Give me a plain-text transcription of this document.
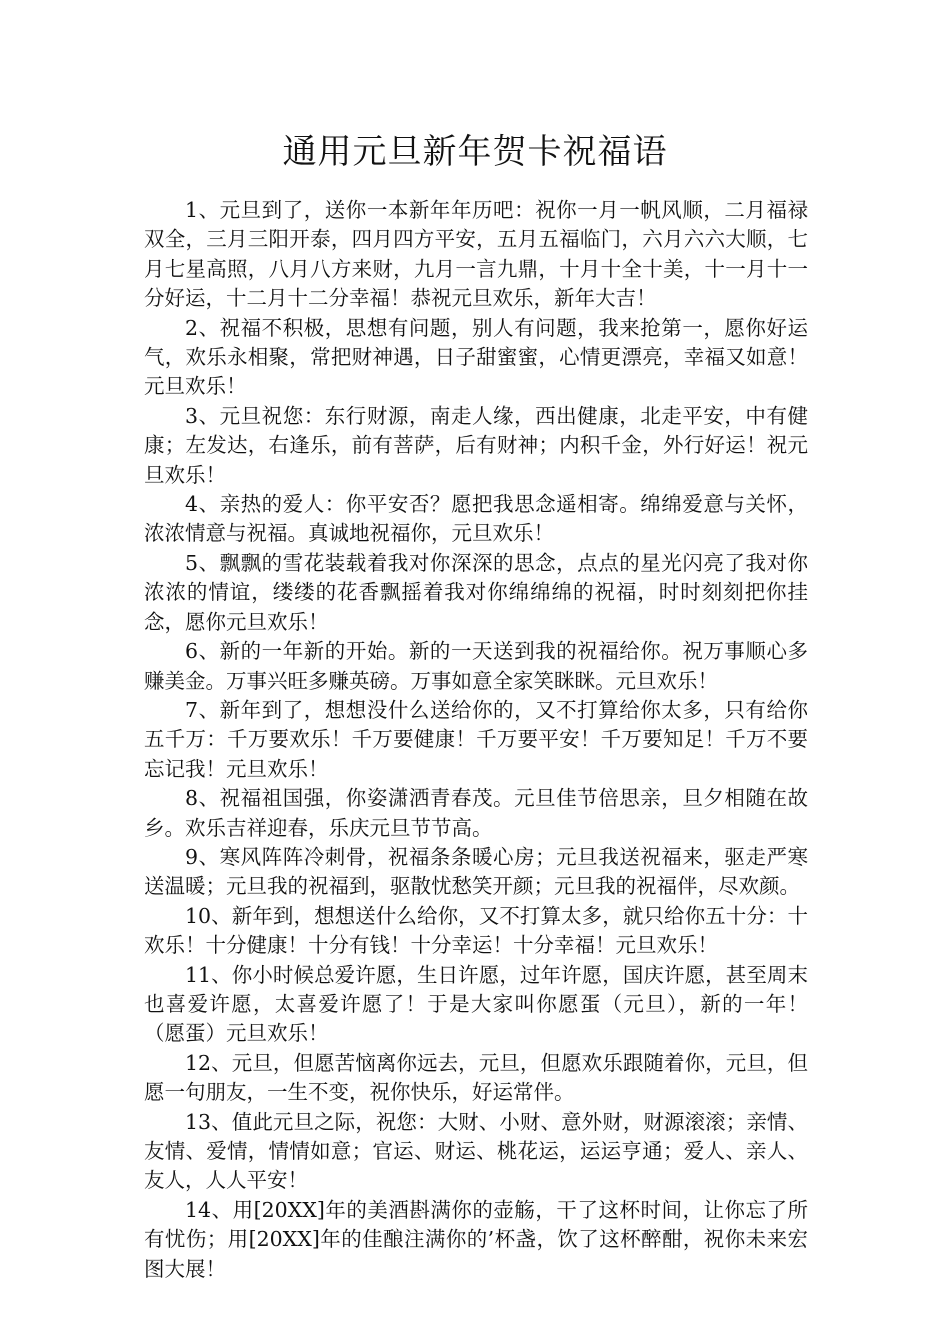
通用元旦新年贺卡祝福语

1、元旦到了，送你一本新年年历吧：祝你一月一帆风顺，二月福禄双全，三月三阳开泰，四月四方平安，五月五福临门，六月六六大顺，七月七星高照，八月八方来财，九月一言九鼎，十月十全十美，十一月十一分好运，十二月十二分幸福！恭祝元旦欢乐，新年大吉！

2、祝福不积极，思想有问题，别人有问题，我来抢第一，愿你好运气，欢乐永相聚，常把财神遇，日子甜蜜蜜，心情更漂亮，幸福又如意！元旦欢乐！

3、元旦祝您：东行财源，南走人缘，西出健康，北走平安，中有健康；左发达，右逢乐，前有菩萨，后有财神；内积千金，外行好运！祝元旦欢乐！

4、亲热的爱人：你平安否？愿把我思念遥相寄。绵绵爱意与关怀，浓浓情意与祝福。真诚地祝福你，元旦欢乐！

5、飘飘的雪花装载着我对你深深的思念，点点的星光闪亮了我对你浓浓的情谊，缕缕的花香飘摇着我对你绵绵绵的祝福，时时刻刻把你挂念，愿你元旦欢乐！

6、新的一年新的开始。新的一天送到我的祝福给你。祝万事顺心多赚美金。万事兴旺多赚英磅。万事如意全家笑眯眯。元旦欢乐！

7、新年到了，想想没什么送给你的，又不打算给你太多，只有给你五千万：千万要欢乐！千万要健康！千万要平安！千万要知足！千万不要忘记我！元旦欢乐！

8、祝福祖国强，你姿潇洒青春茂。元旦佳节倍思亲，旦夕相随在故乡。欢乐吉祥迎春，乐庆元旦节节高。

9、寒风阵阵冷刺骨，祝福条条暖心房；元旦我送祝福来，驱走严寒送温暖；元旦我的祝福到，驱散忧愁笑开颜；元旦我的祝福伴，尽欢颜。

10、新年到，想想送什么给你，又不打算太多，就只给你五十分：十欢乐！十分健康！十分有钱！十分幸运！十分幸福！元旦欢乐！

11、你小时候总爱许愿，生日许愿，过年许愿，国庆许愿，甚至周末也喜爱许愿，太喜爱许愿了！于是大家叫你愿蛋（元旦），新的一年！（愿蛋）元旦欢乐！

12、元旦，但愿苦恼离你远去，元旦，但愿欢乐跟随着你，元旦，但愿一句朋友，一生不变，祝你快乐，好运常伴。

13、值此元旦之际，祝您：大财、小财、意外财，财源滚滚；亲情、友情、爱情，情情如意；官运、财运、桃花运，运运亨通；爱人、亲人、友人，人人平安！

14、用[20XX]年的美酒斟满你的壶觞，干了这杯时间，让你忘了所有忧伤；用[20XX]年的佳酿注满你的’杯盏，饮了这杯醉酣，祝你未来宏图大展！
